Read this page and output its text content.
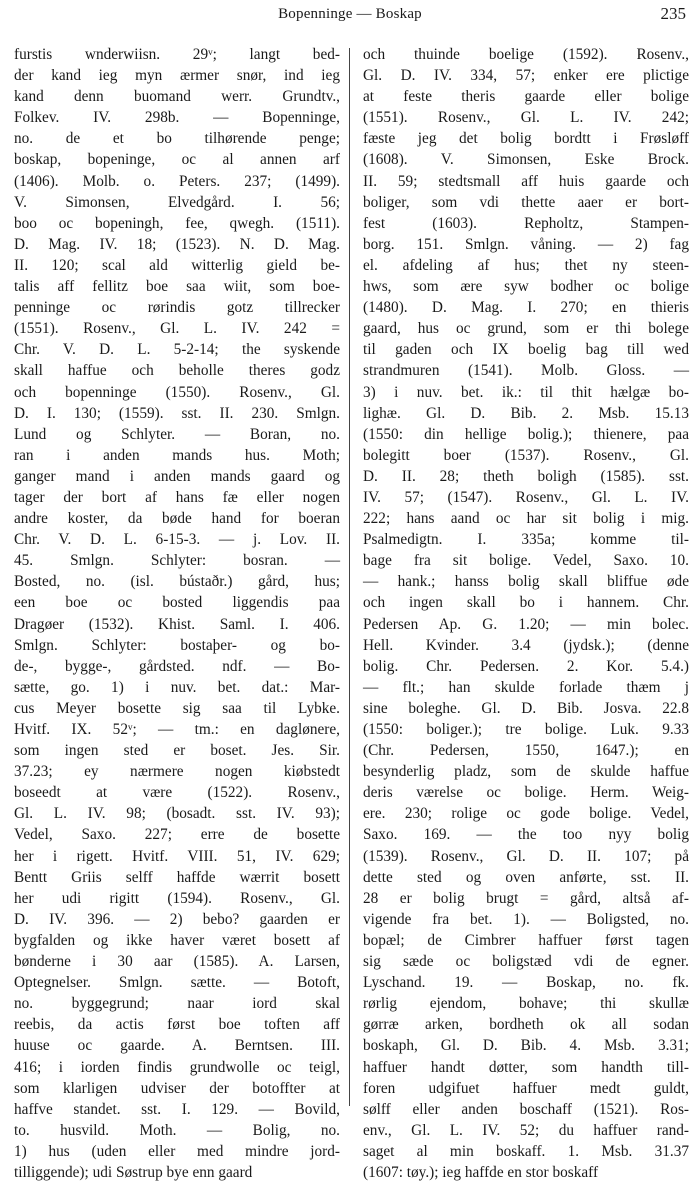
Bopenninge — Boskap	235
furstis wnderwiisn. 29ᵛ; langt bed-
der kand ieg myn ærmer snør, ind ieg
kand denn buomand werr. Grundtv.,
Folkev. IV. 298b. — Bopenninge,
no. de et bo tilhørende penge;
boskap, bopeninge, oc al annen arf
(1406). Molb. o. Peters. 237; (1499).
V. Simonsen, Elvedgård. I. 56;
boo oc bopeningh, fee, qwegh. (1511).
D. Mag. IV. 18; (1523). N. D. Mag.
II. 120; scal ald witterlig gield be-
talis aff fellitz boe saa wiit, som boe-
penninge oc rørindis gotz tillrecker
(1551). Rosenv., Gl. L. IV. 242 =
Chr. V. D. L. 5-2-14; the syskende
skall haffue och beholle theres godz
och bopenninge (1550). Rosenv., Gl.
D. I. 130; (1559). sst. II. 230. Smlgn.
Lund og Schlyter. — Boran, no.
ran i anden mands hus. Moth;
ganger mand i anden mands gaard og
tager der bort af hans fæ eller nogen
andre koster, da bøde hand for boeran
Chr. V. D. L. 6-15-3. — j. Lov. II.
45. Smlgn. Schlyter: bosran. —
Bosted, no. (isl. bústaðr.) gård, hus;
een boe oc bosted liggendis paa
Dragøer (1532). Khist. Saml. I. 406.
Smlgn. Schlyter: bostaþer- og bo-
de-, bygge-, gårdsted. ndf. — Bo-
sætte, go. 1) i nuv. bet. dat.: Mar-
cus Meyer bosette sig saa til Lybke.
Hvitf. IX. 52ᵛ; — tm.: en daglønere,
som ingen sted er boset. Jes. Sir.
37.23; ey nærmere nogen kiøbstedt
boseedt at være (1522). Rosenv.,
Gl. L. IV. 98; (bosadt. sst. IV. 93);
Vedel, Saxo. 227; erre de bosette
her i rigett. Hvitf. VIII. 51, IV. 629;
Bentt Griis selff haffde wærrit bosett
her udi rigitt (1594). Rosenv., Gl.
D. IV. 396. — 2) bebo? gaarden er
bygfalden og ikke haver været bosett af
bønderne i 30 aar (1585). A. Larsen,
Optegnelser. Smlgn. sætte. — Botoft,
no. byggegrund; naar iord skal
reebis, da actis først boe toften aff
huuse oc gaarde. A. Berntsen. III.
416; i iorden findis grundwolle oc teigl,
som klarligen udviser der botoffter at
haffve standet. sst. I. 129. — Bovild,
to. husvild. Moth. — Bolig, no.
1) hus (uden eller med mindre jord-
tilliggende); udi Søstrup bye enn gaard
och thuinde boelige (1592). Rosenv.,
Gl. D. IV. 334, 57; enker ere plictige
at feste theris gaarde eller bolige
(1551). Rosenv., Gl. L. IV. 242;
fæste jeg det bolig bordtt i Frøsløff
(1608). V. Simonsen, Eske Brock.
II. 59; stedtsmall aff huis gaarde och
boliger, som vdi thette aaer er bort-
fest (1603). Repholtz, Stampen-
borg. 151. Smlgn. våning. — 2) fag
el. afdeling af hus; thet ny steen-
hws, som ære syw bodher oc bolige
(1480). D. Mag. I. 270; en thieris
gaard, hus oc grund, som er thi bolege
til gaden och IX boelig bag till wed
strandmuren (1541). Molb. Gloss. —
3) i nuv. bet. ik.: til thit hælgæ bo-
lighæ. Gl. D. Bib. 2. Msb. 15.13
(1550: din hellige bolig.); thienere, paa
bolegitt boer (1537). Rosenv., Gl.
D. II. 28; theth boligh (1585). sst.
IV. 57; (1547). Rosenv., Gl. L. IV.
222; hans aand oc har sit bolig i mig.
Psalmedigtn. I. 335a; komme til-
bage fra sit bolige. Vedel, Saxo. 10.
— hank.; hanss bolig skall bliffue øde
och ingen skall bo i hannem. Chr.
Pedersen Ap. G. 1.20; — min bolec.
Hell. Kvinder. 3.4 (jydsk.); (denne
bolig. Chr. Pedersen. 2. Kor. 5.4.)
— flt.; han skulde forlade thæm j
sine boleghe. Gl. D. Bib. Josva. 22.8
(1550: boliger.); tre bolige. Luk. 9.33
(Chr. Pedersen, 1550, 1647.); en
besynderlig pladz, som de skulde haffue
deris værelse oc bolige. Herm. Weig-
ere. 230; rolige oc gode bolige. Vedel,
Saxo. 169. — the too nyy bolig
(1539). Rosenv., Gl. D. II. 107; på
dette sted og oven anførte, sst. II.
28 er bolig brugt = gård, altså af-
vigende fra bet. 1). — Boligsted, no.
bopæl; de Cimbrer haffuer først tagen
sig sæde oc boligstæd vdi de egner.
Lyschand. 19. — Boskap, no. fk.
rørlig ejendom, bohave; thi skullæ
gørræ arken, bordheth ok all sodan
boskaph, Gl. D. Bib. 4. Msb. 3.31;
haffuer handt døtter, som handth till-
foren udgifuet haffuer medt guldt,
sølff eller anden boschaff (1521). Ros-
env., Gl. L. IV. 52; du haffuer rand-
saget al min boskaff. 1. Msb. 31.37
(1607: tøy.); ieg haffde en stor boskaff
